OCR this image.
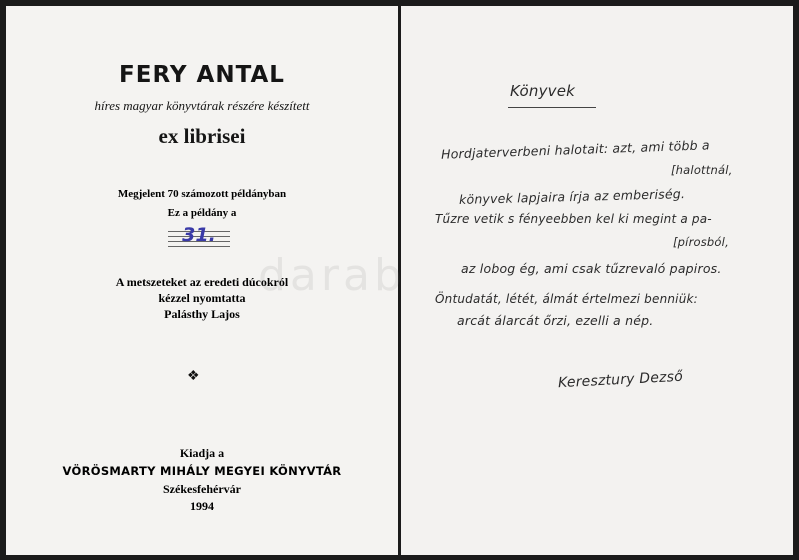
FERY ANTAL
híres magyar könyvtárak részére készített
ex librisei
Megjelent 70 számozott példányban
Ez a példány a
31.
A metszeteket az eredeti dúcokról
kézzel nyomtatta
Palásthy Lajos
❖
Kiadja a
VÖRÖSMARTY MIHÁLY MEGYEI KÖNYVTÁR
Székesfehérvár
1994
Könyvek
Hordjaterverbeni halotait: azt, ami több a
[halottnál,
könyvek lapjaira írja az emberiség.
Tűzre vetik s fényeebben kel ki megint a pa-
[pírosból,
az lobog ég, ami csak tűzrevaló papiros.
Öntudatát, létét, álmát értelmezi benniük:
arcát álarcát őrzi, ezelli a nép.
Keresztury Dezső
darab
